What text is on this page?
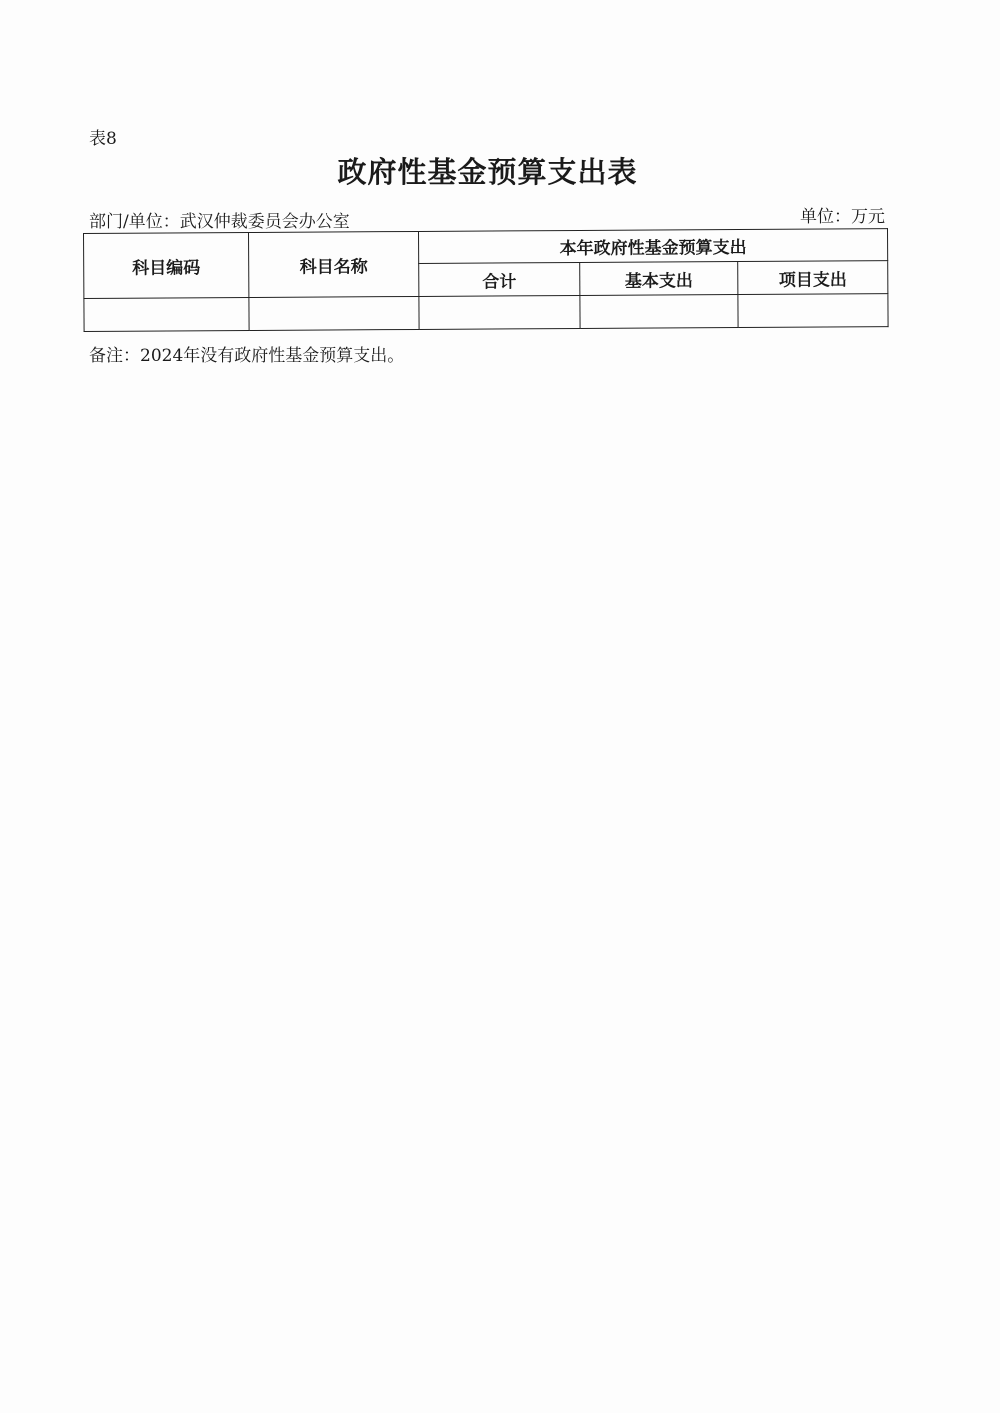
表8
政府性基金预算支出表
部门/单位：武汉仲裁委员会办公室	单位：万元
科目编码	科目名称	本年政府性基金预算支出		
		合计	基本支出	项目支出

备注：2024年没有政府性基金预算支出。
